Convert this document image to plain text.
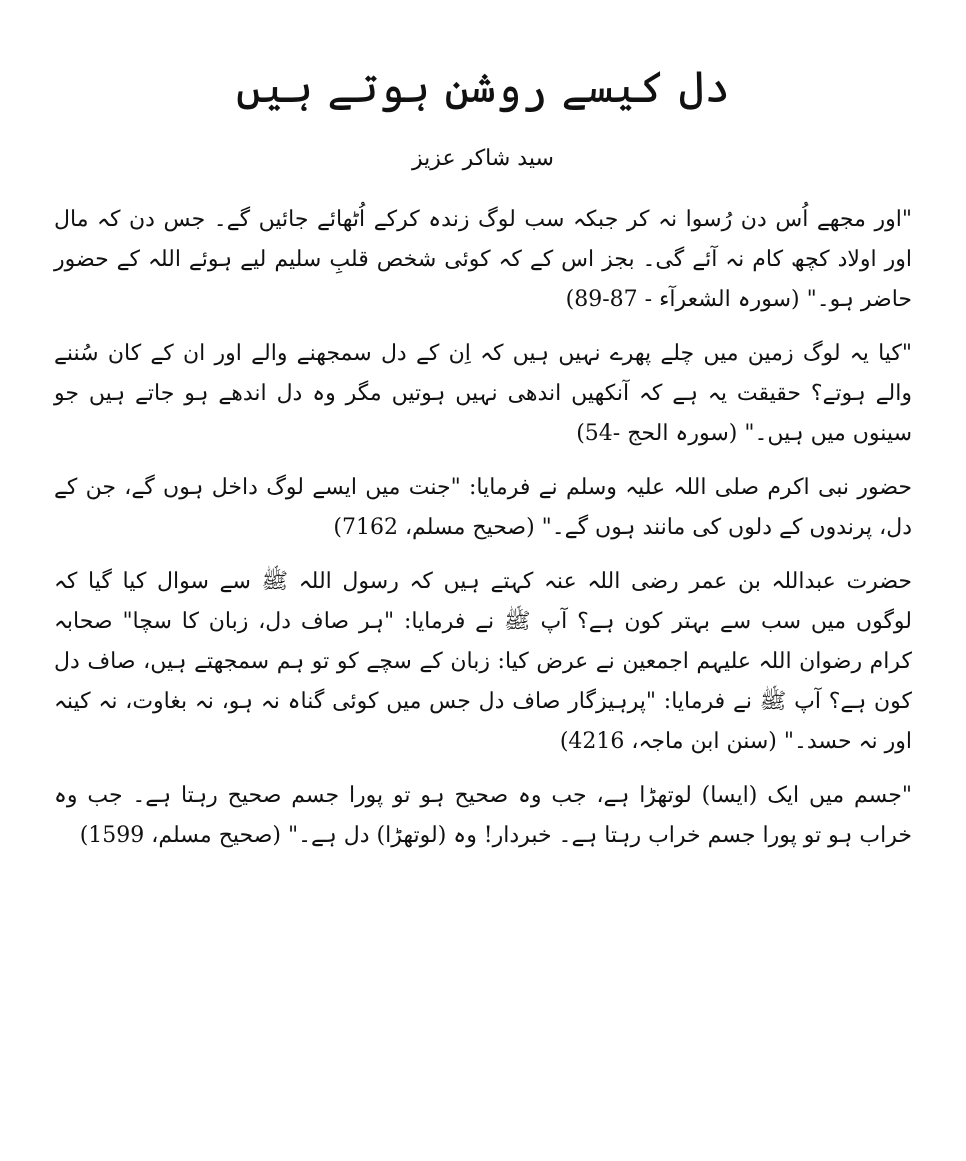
دل کیسے روشن ہوتے ہیں
سید شاکر عزیز

"اور مجھے اُس دن رُسوا نہ کر جبکہ سب لوگ زندہ کرکے اُٹھائے جائیں گے۔ جس دن کہ مال اور اولاد کچھ کام نہ آئے گی۔ بجز اس کے کہ کوئی شخص قلبِ سلیم لیے ہوئے اللہ کے حضور حاضر ہو۔" (سورہ الشعرآء - 87-89)

"کیا یہ لوگ زمین میں چلے پھرے نہیں ہیں کہ اِن کے دل سمجھنے والے اور ان کے کان سُننے والے ہوتے؟ حقیقت یہ ہے کہ آنکھیں اندھی نہیں ہوتیں مگر وہ دل اندھے ہو جاتے ہیں جو سینوں میں ہیں۔" (سورہ الحج -54)

حضور نبی اکرم صلی اللہ علیہ وسلم نے فرمایا: "جنت میں ایسے لوگ داخل ہوں گے، جن کے دل، پرندوں کے دلوں کی مانند ہوں گے۔" (صحیح مسلم، 7162)

حضرت عبداللہ بن عمر رضی اللہ عنہ کہتے ہیں کہ رسول اللہ ﷺ سے سوال کیا گیا کہ لوگوں میں سب سے بہتر کون ہے؟ آپ ﷺ نے فرمایا: "ہر صاف دل، زبان کا سچا" صحابہ کرام رضوان اللہ علیہم اجمعین نے عرض کیا: زبان کے سچے کو تو ہم سمجھتے ہیں، صاف دل کون ہے؟ آپ ﷺ نے فرمایا: "پرہیزگار صاف دل جس میں کوئی گناہ نہ ہو، نہ بغاوت، نہ کینہ اور نہ حسد۔" (سنن ابن ماجہ، 4216)

"جسم میں ایک (ایسا) لوتھڑا ہے، جب وہ صحیح ہو تو پورا جسم صحیح رہتا ہے۔ جب وہ خراب ہو تو پورا جسم خراب رہتا ہے۔ خبردار! وہ (لوتھڑا) دل ہے۔" (صحیح مسلم، 1599)
